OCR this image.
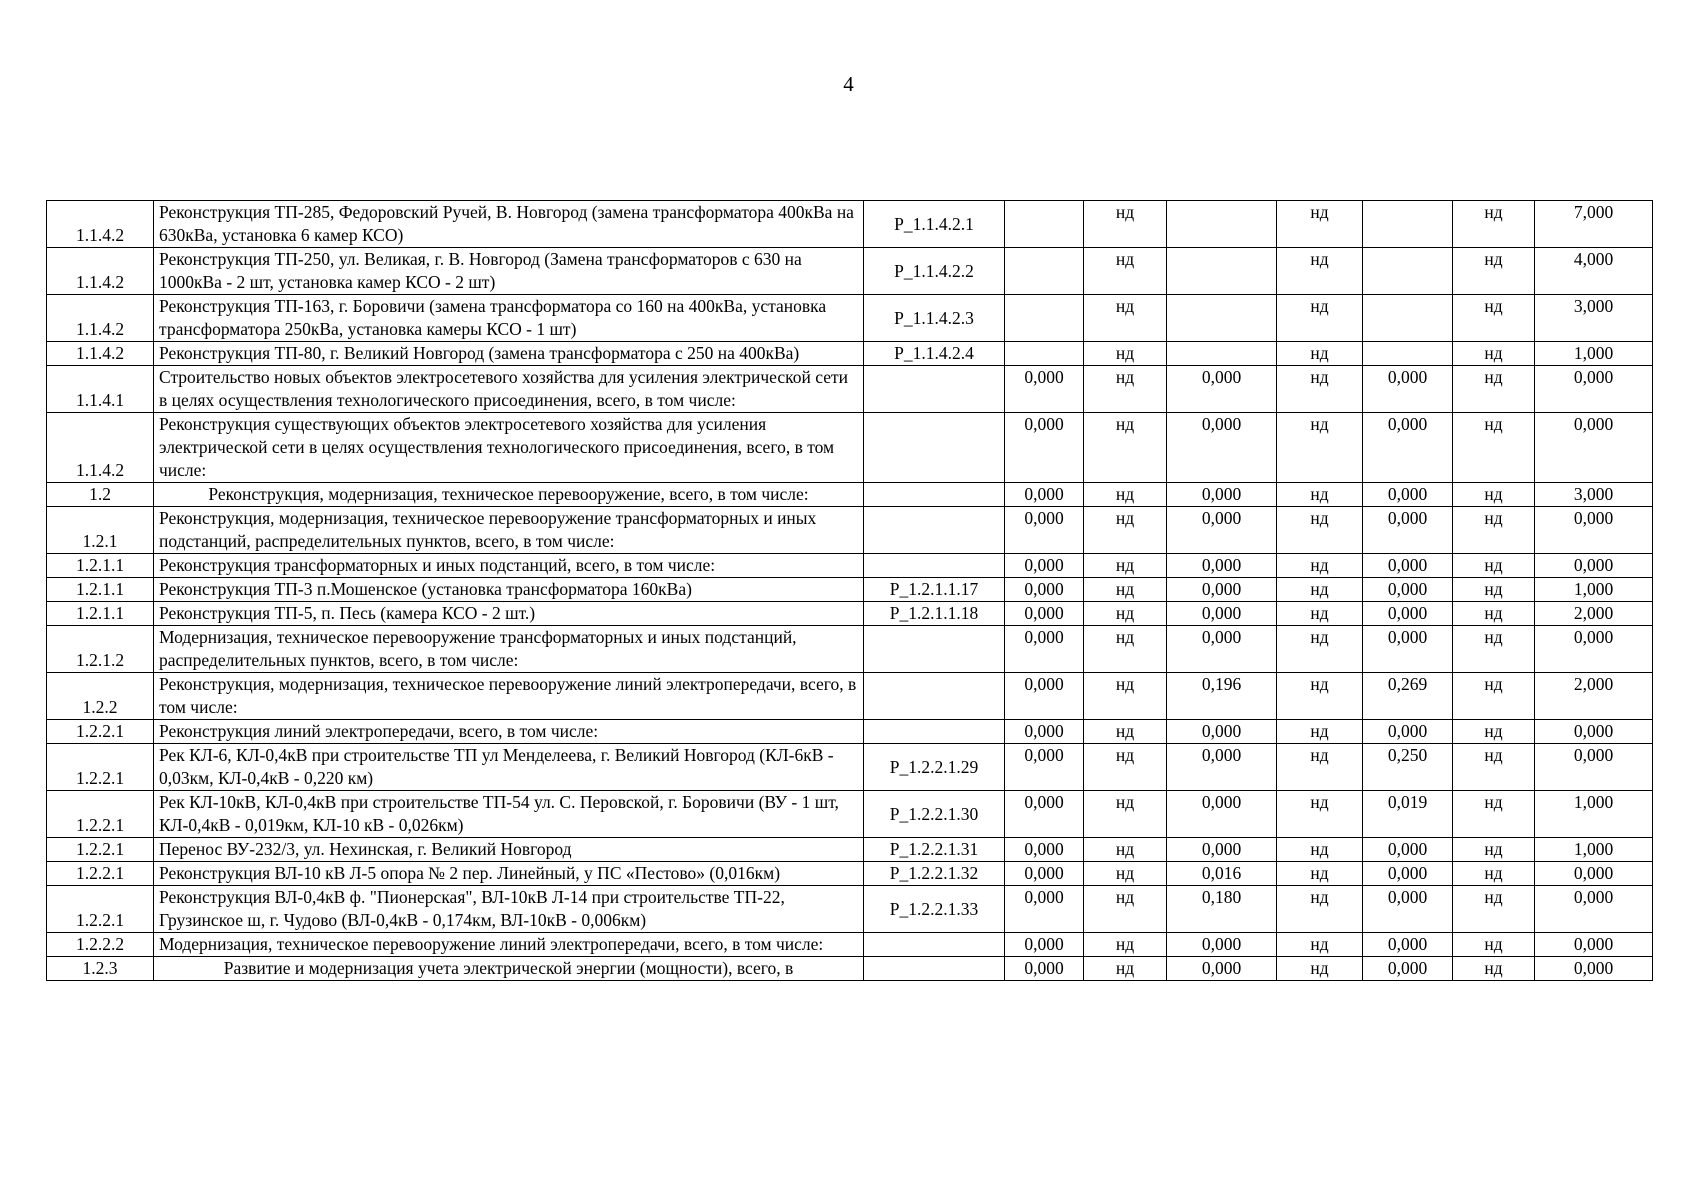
4
1.1.4.2	Реконструкция ТП-285, Федоровский Ручей, В. Новгород (замена трансформатора 400кВа на 630кВа, установка 6 камер КСО)	P_1.1.4.2.1		нд		нд		нд	7,000
1.1.4.2	Реконструкция ТП-250, ул. Великая, г. В. Новгород (Замена трансформаторов с 630 на 1000кВа - 2 шт, установка камер КСО - 2 шт)	P_1.1.4.2.2		нд		нд		нд	4,000
1.1.4.2	Реконструкция ТП-163, г. Боровичи (замена трансформатора со 160 на 400кВа, установка трансформатора 250кВа, установка камеры КСО - 1 шт)	P_1.1.4.2.3		нд		нд		нд	3,000
1.1.4.2	Реконструкция ТП-80, г. Великий Новгород (замена трансформатора с 250 на 400кВа)	P_1.1.4.2.4		нд		нд		нд	1,000
1.1.4.1	Строительство новых объектов электросетевого хозяйства для усиления электрической сети в целях осуществления технологического присоединения, всего, в том числе:		0,000	нд	0,000	нд	0,000	нд	0,000
1.1.4.2	Реконструкция существующих объектов электросетевого хозяйства для усиления электрической сети в целях осуществления технологического присоединения, всего, в том числе:		0,000	нд	0,000	нд	0,000	нд	0,000
1.2	Реконструкция, модернизация, техническое перевооружение, всего, в том числе:		0,000	нд	0,000	нд	0,000	нд	3,000
1.2.1	Реконструкция, модернизация, техническое перевооружение трансформаторных и иных подстанций, распределительных пунктов, всего, в том числе:		0,000	нд	0,000	нд	0,000	нд	0,000
1.2.1.1	Реконструкция трансформаторных и иных подстанций, всего, в том числе:		0,000	нд	0,000	нд	0,000	нд	0,000
1.2.1.1	Реконструкция ТП-3 п.Мошенское (установка трансформатора 160кВа)	P_1.2.1.1.17	0,000	нд	0,000	нд	0,000	нд	1,000
1.2.1.1	Реконструкция ТП-5, п. Песь (камера КСО - 2 шт.)	P_1.2.1.1.18	0,000	нд	0,000	нд	0,000	нд	2,000
1.2.1.2	Модернизация, техническое перевооружение трансформаторных и иных подстанций, распределительных пунктов, всего, в том числе:		0,000	нд	0,000	нд	0,000	нд	0,000
1.2.2	Реконструкция, модернизация, техническое перевооружение линий электропередачи, всего, в том числе:		0,000	нд	0,196	нд	0,269	нд	2,000
1.2.2.1	Реконструкция линий электропередачи, всего, в том числе:		0,000	нд	0,000	нд	0,000	нд	0,000
1.2.2.1	Рек КЛ-6, КЛ-0,4кВ при строительстве ТП ул Менделеева, г. Великий Новгород (КЛ-6кВ - 0,03км, КЛ-0,4кВ - 0,220 км)	P_1.2.2.1.29	0,000	нд	0,000	нд	0,250	нд	0,000
1.2.2.1	Рек КЛ-10кВ, КЛ-0,4кВ при строительстве ТП-54 ул. С. Перовской, г. Боровичи (ВУ - 1 шт, КЛ-0,4кВ - 0,019км, КЛ-10 кВ - 0,026км)	P_1.2.2.1.30	0,000	нд	0,000	нд	0,019	нд	1,000
1.2.2.1	Перенос ВУ-232/3, ул. Нехинская, г. Великий Новгород	P_1.2.2.1.31	0,000	нд	0,000	нд	0,000	нд	1,000
1.2.2.1	Реконструкция ВЛ-10 кВ Л-5 опора № 2 пер. Линейный, у ПС «Пестово» (0,016км)	P_1.2.2.1.32	0,000	нд	0,016	нд	0,000	нд	0,000
1.2.2.1	Реконструкция ВЛ-0,4кВ ф. "Пионерская", ВЛ-10кВ Л-14 при строительстве ТП-22, Грузинское ш, г. Чудово (ВЛ-0,4кВ - 0,174км, ВЛ-10кВ - 0,006км)	P_1.2.2.1.33	0,000	нд	0,180	нд	0,000	нд	0,000
1.2.2.2	Модернизация, техническое перевооружение линий электропередачи, всего, в том числе:		0,000	нд	0,000	нд	0,000	нд	0,000
1.2.3	Развитие и модернизация учета электрической энергии (мощности), всего, в		0,000	нд	0,000	нд	0,000	нд	0,000
